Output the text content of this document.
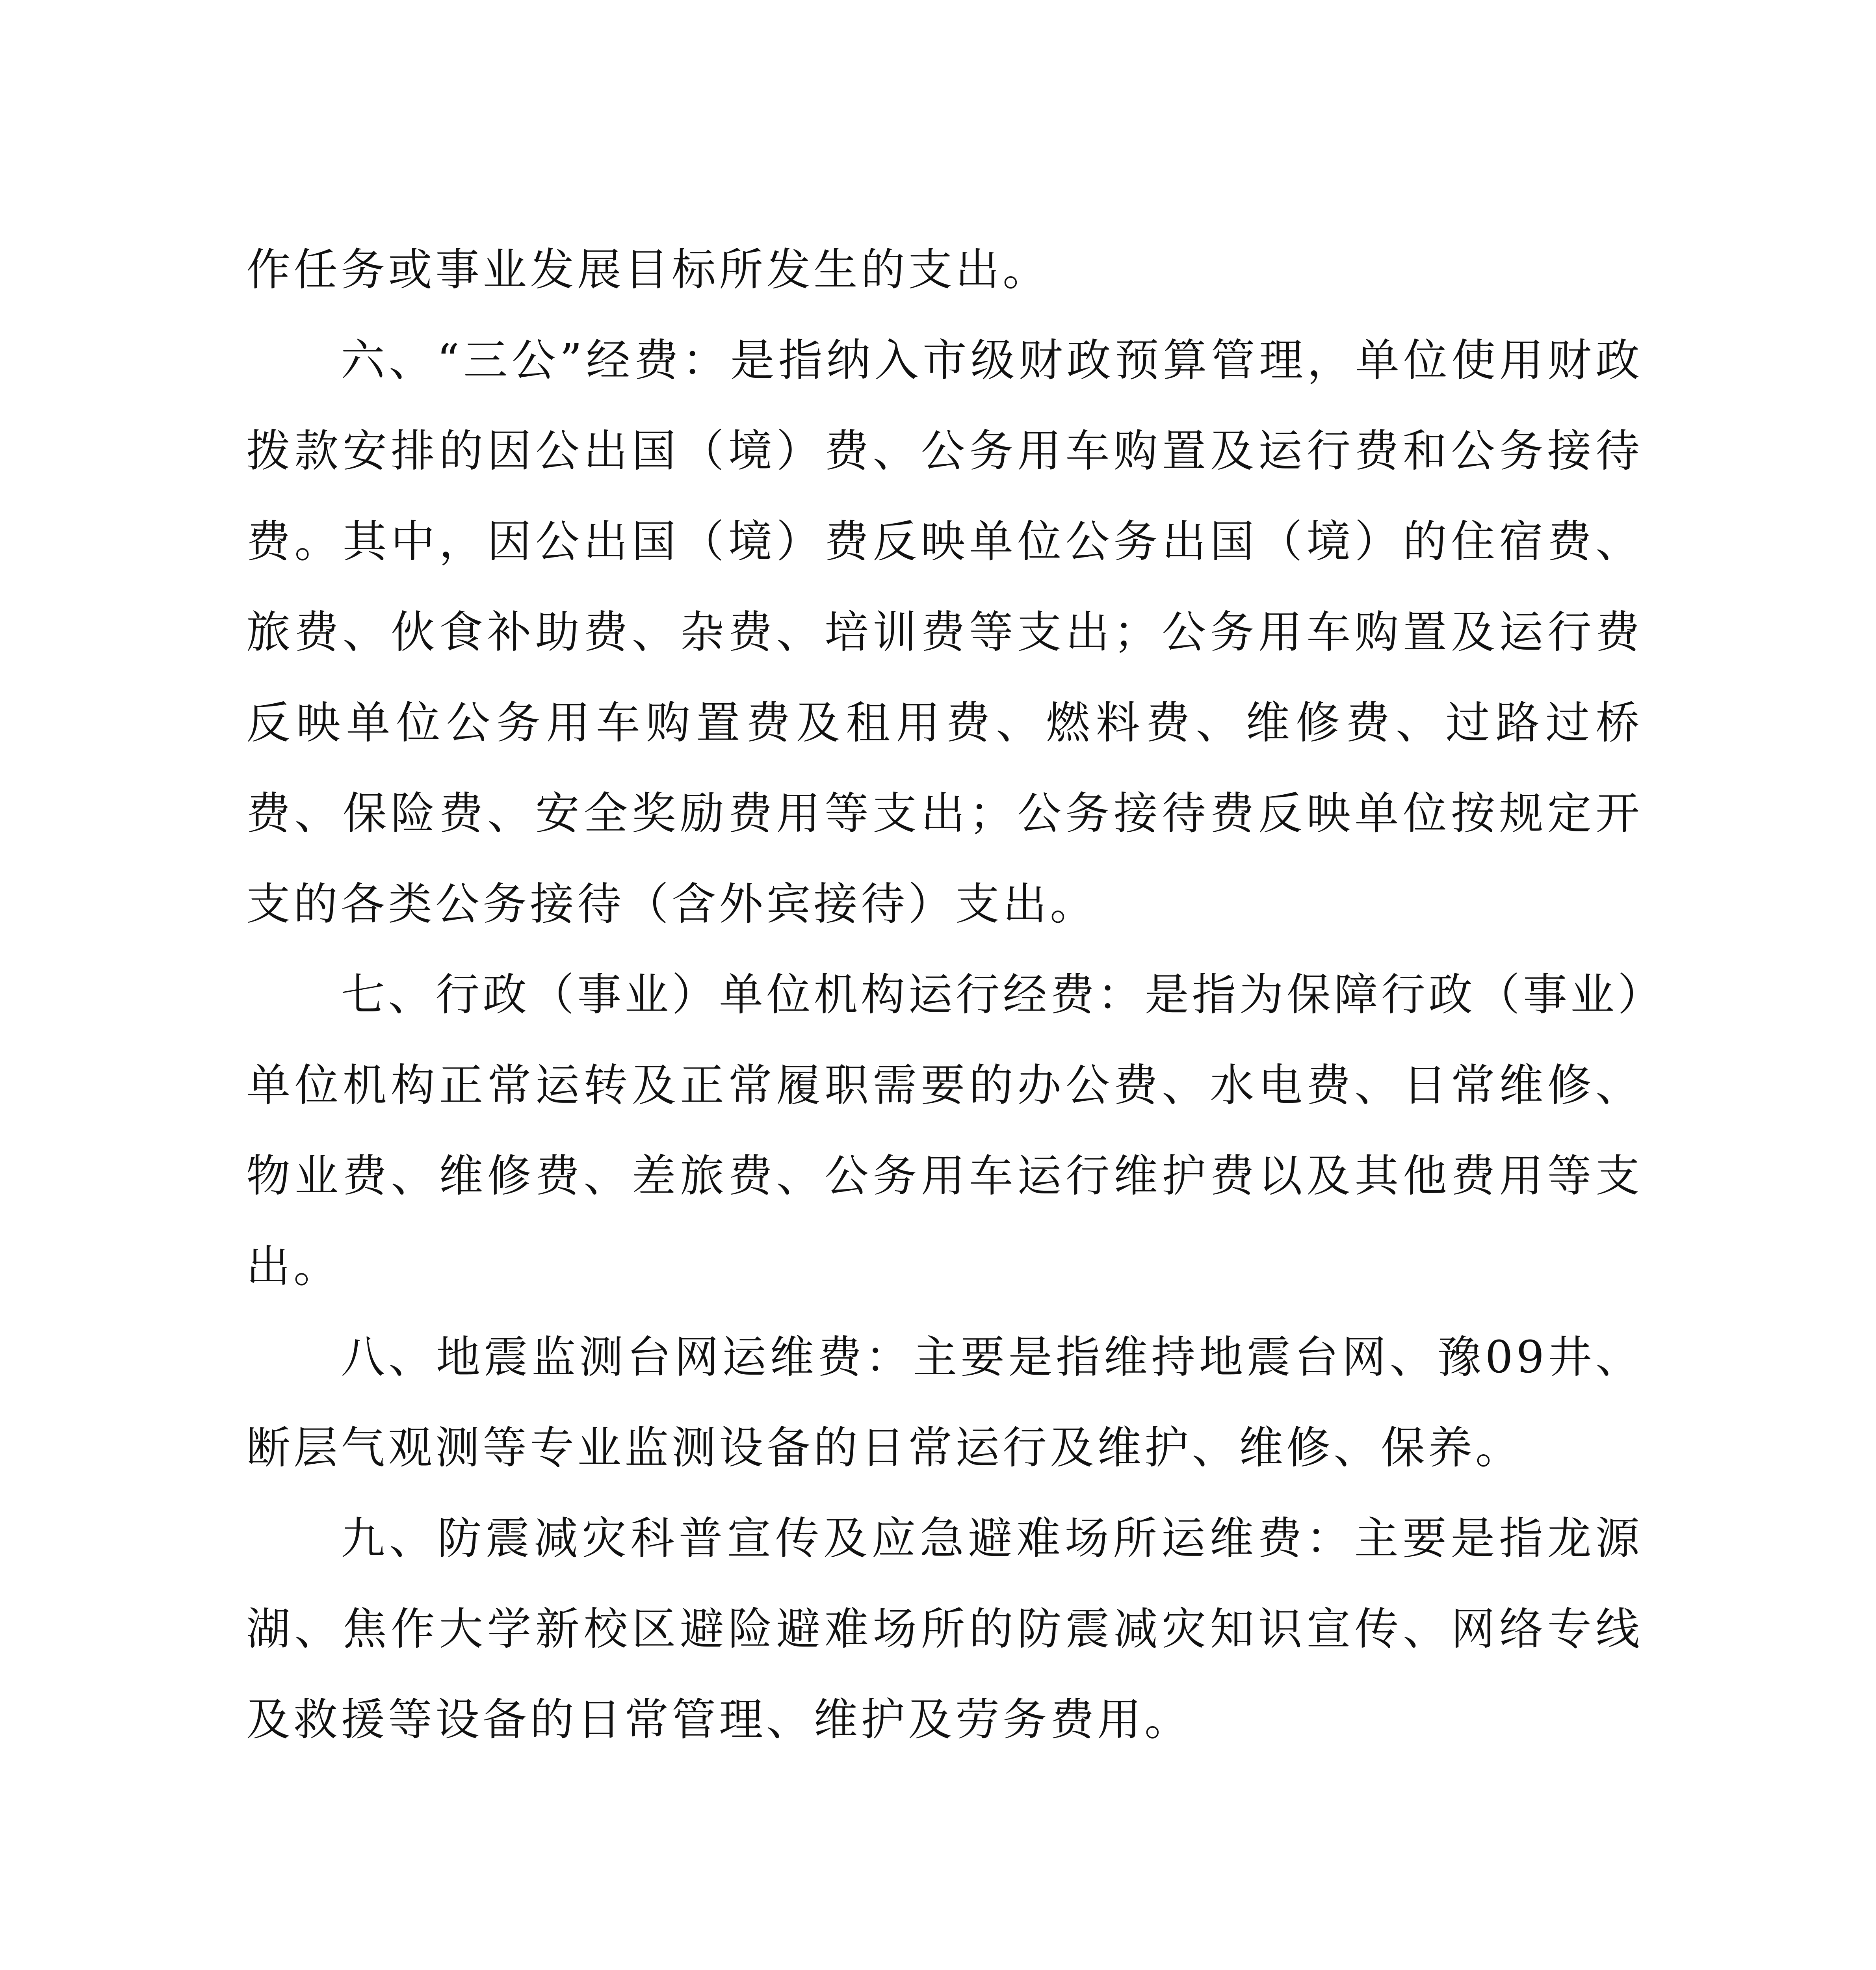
作任务或事业发展目标所发生的支出。

六、“三公”经费：是指纳入市级财政预算管理，单位使用财政拨款安排的因公出国（境）费、公务用车购置及运行费和公务接待费。其中，因公出国（境）费反映单位公务出国（境）的住宿费、旅费、伙食补助费、杂费、培训费等支出；公务用车购置及运行费反映单位公务用车购置费及租用费、燃料费、维修费、过路过桥费、保险费、安全奖励费用等支出；公务接待费反映单位按规定开支的各类公务接待（含外宾接待）支出。

七、行政（事业）单位机构运行经费：是指为保障行政（事业）单位机构正常运转及正常履职需要的办公费、水电费、日常维修、物业费、维修费、差旅费、公务用车运行维护费以及其他费用等支出。

八、地震监测台网运维费：主要是指维持地震台网、豫09井、断层气观测等专业监测设备的日常运行及维护、维修、保养。

九、防震减灾科普宣传及应急避难场所运维费：主要是指龙源湖、焦作大学新校区避险避难场所的防震减灾知识宣传、网络专线及救援等设备的日常管理、维护及劳务费用。
